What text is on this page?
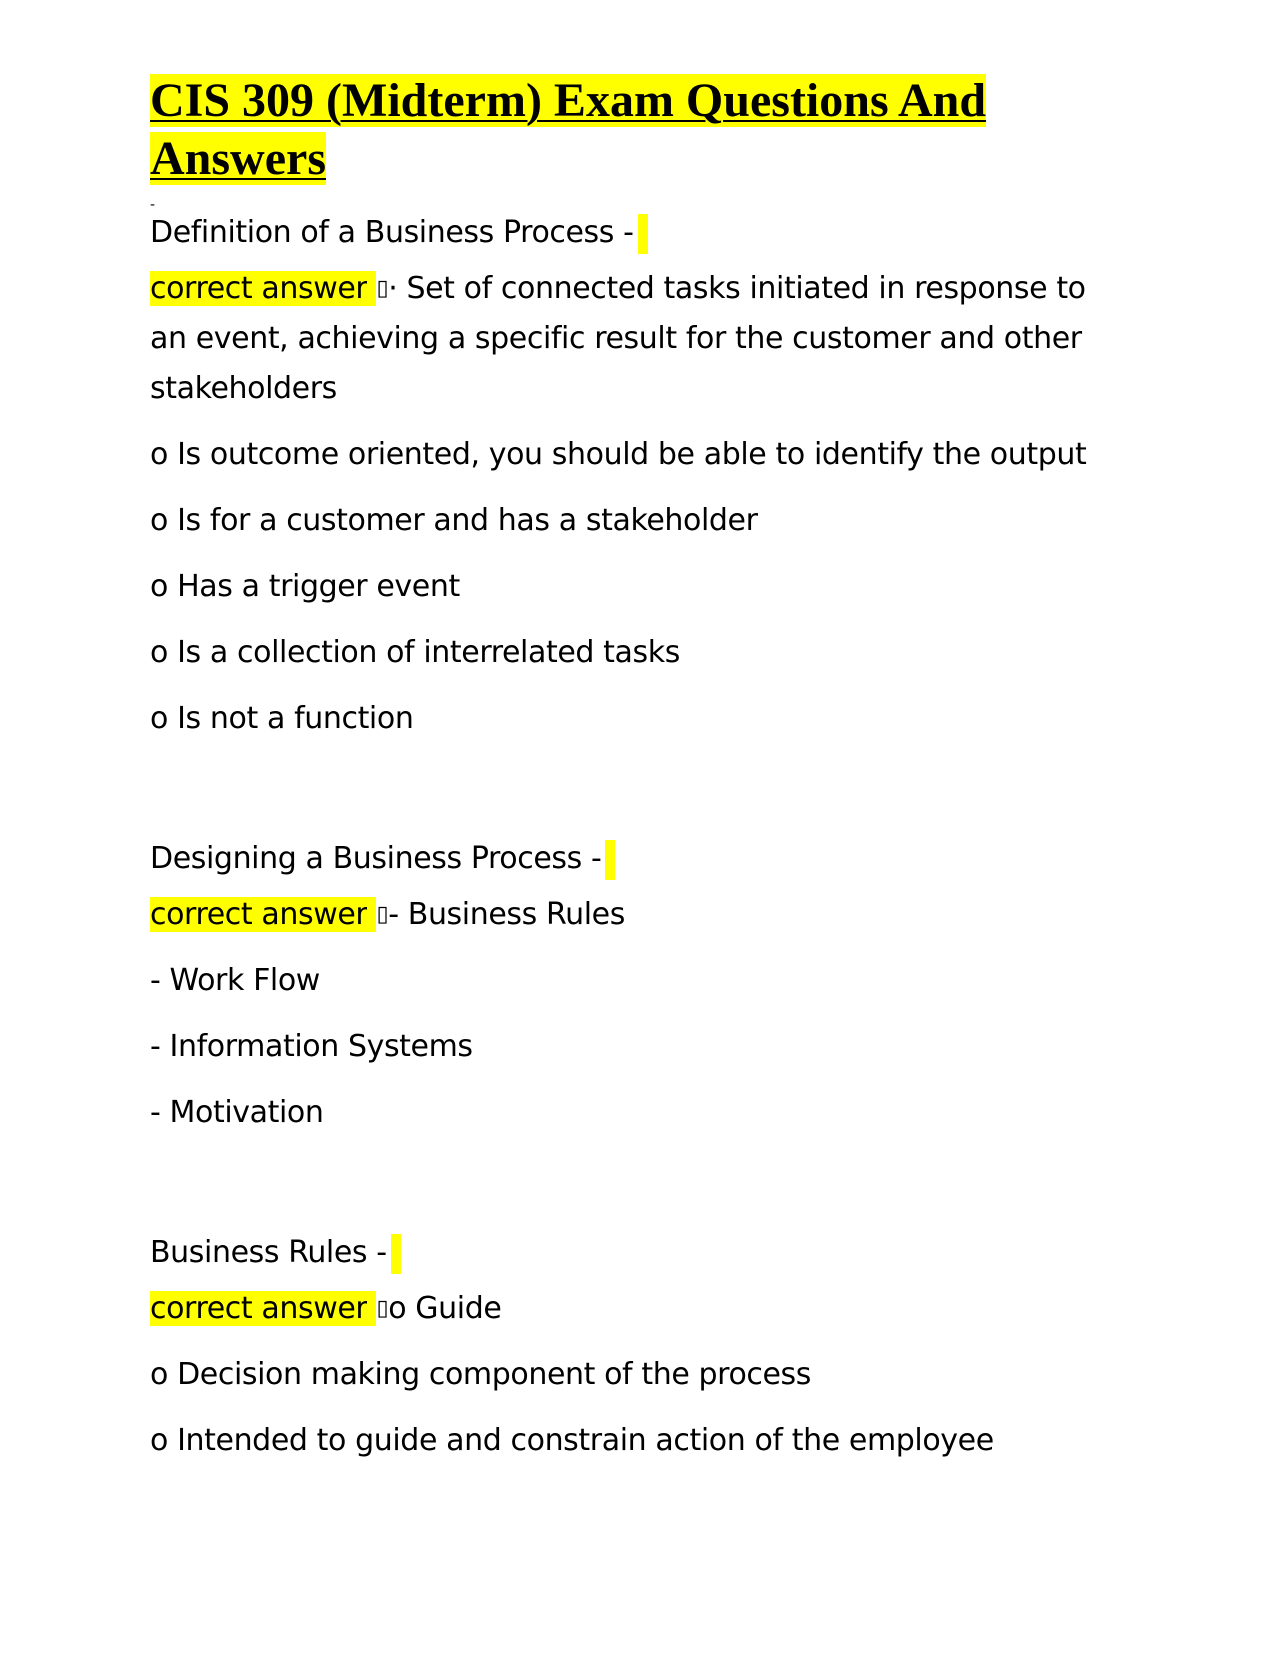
CIS 309 (Midterm) Exam Questions And Answers
-

Definition of a Business Process -

correct answer ▯· Set of connected tasks initiated in response to an event, achieving a specific result for the customer and other stakeholders

o Is outcome oriented, you should be able to identify the output

o Is for a customer and has a stakeholder

o Has a trigger event

o Is a collection of interrelated tasks

o Is not a function

Designing a Business Process -

correct answer ▯- Business Rules

- Work Flow

- Information Systems

- Motivation

Business Rules -

correct answer ▯o Guide

o Decision making component of the process

o Intended to guide and constrain action of the employee
